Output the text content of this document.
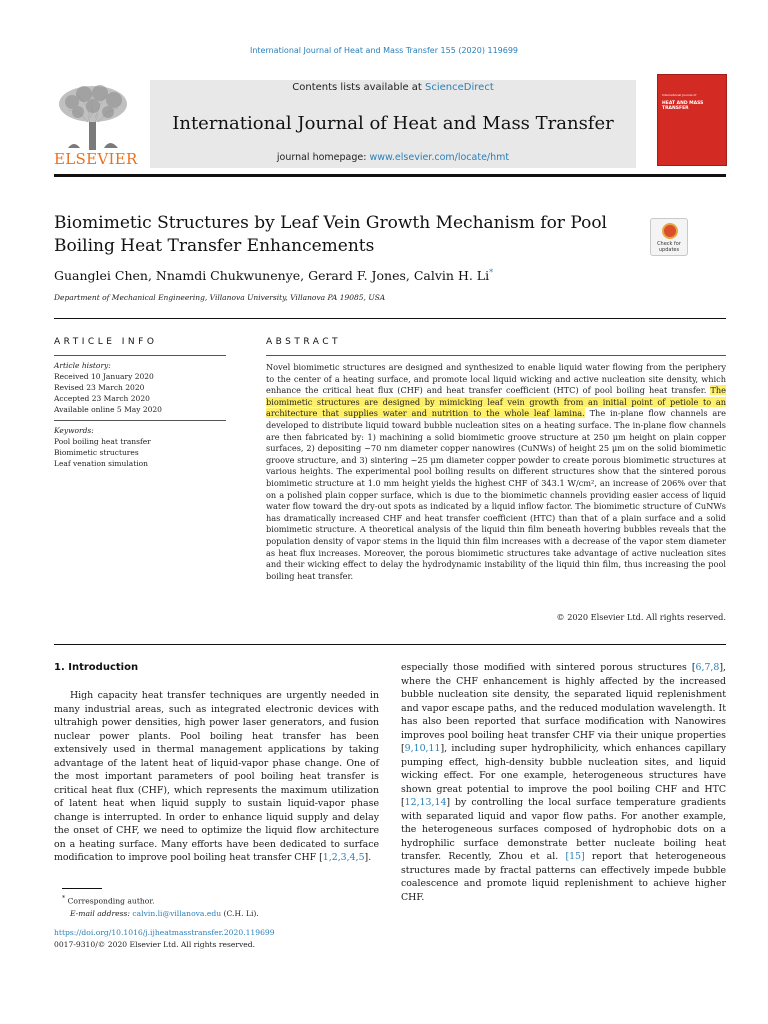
International Journal of Heat and Mass Transfer 155 (2020) 119699
ELSEVIER
Contents lists available at ScienceDirect
International Journal of Heat and Mass Transfer
journal homepage: www.elsevier.com/locate/hmt
International Journal of
HEAT AND MASS TRANSFER
Biomimetic Structures by Leaf Vein Growth Mechanism for Pool Boiling Heat Transfer Enhancements	Check for updates
Guanglei Chen, Nnamdi Chukwunenye, Gerard F. Jones, Calvin H. Li*
Department of Mechanical Engineering, Villanova University, Villanova PA 19085, USA
ARTICLE INFO	ABSTRACT
Article history:
Received 10 January 2020
Revised 23 March 2020
Accepted 23 March 2020
Available online 5 May 2020
Keywords:
Pool boiling heat transfer
Biomimetic structures
Leaf venation simulation
Novel biomimetic structures are designed and synthesized to enable liquid water flowing from the periphery to the center of a heating surface, and promote local liquid wicking and active nucleation site density, which enhance the critical heat flux (CHF) and heat transfer coefficient (HTC) of pool boiling heat transfer. The biomimetic structures are designed by mimicking leaf vein growth from an initial point of petiole to an architecture that supplies water and nutrition to the whole leaf lamina. The in-plane flow channels are developed to distribute liquid toward bubble nucleation sites on a heating surface. The in-plane flow channels are then fabricated by: 1) machining a solid biomimetic groove structure at 250 μm height on plain copper surfaces, 2) depositing ~70 nm diameter copper nanowires (CuNWs) of height 25 μm on the solid biomimetic groove structure, and 3) sintering ~25 μm diameter copper powder to create porous biomimetic structures at various heights. The experimental pool boiling results on different structures show that the sintered porous biomimetic structure at 1.0 mm height yields the highest CHF of 343.1 W/cm², an increase of 206% over that on a polished plain copper surface, which is due to the biomimetic channels providing easier access of liquid water flow toward the dry-out spots as indicated by a liquid inflow factor. The biomimetic structure of CuNWs has dramatically increased CHF and heat transfer coefficient (HTC) than that of a plain surface and a solid biomimetic structure. A theoretical analysis of the liquid thin film beneath hovering bubbles reveals that the population density of vapor stems in the liquid thin film increases with a decrease of the vapor stem diameter as heat flux increases. Moreover, the porous biomimetic structures take advantage of active nucleation sites and their wicking effect to delay the hydrodynamic instability of the liquid thin film, thus increasing the pool boiling heat transfer.
© 2020 Elsevier Ltd. All rights reserved.
1. Introduction
High capacity heat transfer techniques are urgently needed in many industrial areas, such as integrated electronic devices with ultrahigh power densities, high power laser generators, and fusion nuclear power plants. Pool boiling heat transfer has been extensively used in thermal management applications by taking advantage of the latent heat of liquid-vapor phase change. One of the most important parameters of pool boiling heat transfer is critical heat flux (CHF), which represents the maximum utilization of latent heat when liquid supply to sustain liquid-vapor phase change is interrupted. In order to enhance liquid supply and delay the onset of CHF, we need to optimize the liquid flow architecture on a heating surface. Many efforts have been dedicated to surface modification to improve pool boiling heat transfer CHF [1,2,3,4,5].
especially those modified with sintered porous structures [6,7,8], where the CHF enhancement is highly affected by the increased bubble nucleation site density, the separated liquid replenishment and vapor escape paths, and the reduced modulation wavelength. It has also been reported that surface modification with Nanowires improves pool boiling heat transfer CHF via their unique properties [9,10,11], including super hydrophilicity, which enhances capillary pumping effect, high-density bubble nucleation sites, and liquid wicking effect. For one example, heterogeneous structures have shown great potential to improve the pool boiling CHF and HTC [12,13,14] by controlling the local surface temperature gradients with separated liquid and vapor flow paths. For another example, the heterogeneous surfaces composed of hydrophobic dots on a hydrophilic surface demonstrate better nucleate boiling heat transfer. Recently, Zhou et al. [15] report that heterogeneous structures made by fractal patterns can effectively impede bubble coalescence and promote liquid replenishment to achieve higher CHF.
* Corresponding author.
E-mail address: calvin.li@villanova.edu (C.H. Li).
https://doi.org/10.1016/j.ijheatmasstransfer.2020.119699
0017-9310/© 2020 Elsevier Ltd. All rights reserved.
